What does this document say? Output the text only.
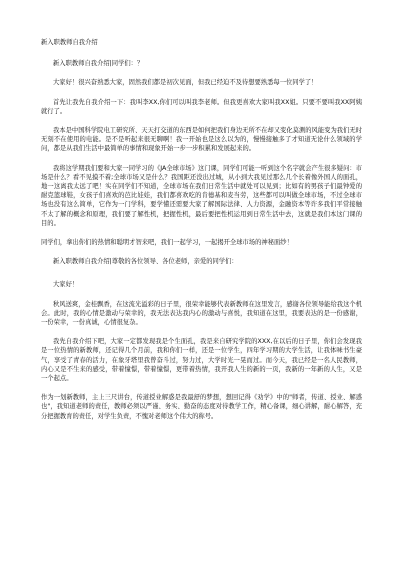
新入职教师自我介绍

新入职教师自我介绍|同学们：？

大家好！很兴奋熟悉大家，固然我们都是初次见面，但我已经迫不及待想要熟悉每一位同学了！

首先让我先自我介绍一下：我叫李XX,你们可以叫我李老师。但我更喜欢大家叫我XX姐。只要不要叫我XX阿姨就行了。

我本是中国科学院电工研究所、天天打交道的东西是如何把我们身边无所不在却又变化莫测的风能变为我们无时无刻不在使用的电能。是不是听起来很无聊啊！我一开始也是这么以为的，慢慢接触多了才知道无论什么领域的学问，都是从我们生活中最简单的事情和现象开始一步一步积累和发展起来的。

我将这学期我们要和大家一同学习的《JA全球市场》这门课，同学们可能一听到这个名字就会产生很多疑问：市场是什么？看不见摸不着;全球市场又是什么？我国距还没出过城，从小到大我见过那么几个长着像外国人的面孔，地一这离我太远了吧！实在同学们不知道，全球市场在我们日常生活中就处可以见到；比如有的男孩子们最钟爱的耐克篮球鞋，女孩子们喜欢的芭比娃娃，我们都喜欢吃的肯德基和麦当劳，这些都可以叫做全球市场，不过全球市场也没有这么简单，它作为一门学科，要学懂还需要大家了解国际法律、人力资源，金融资本等许多我们平常接触不太了解的概念和原理，我们要了解性机，把握性机，最后要把性机运用到日常生活中去，这就是我们本这门课的目的。

同学们，拿出你们的热情和聪明才智来吧，我们一起学习，一起揭开全球市场的神秘面纱！

新入职教师自我介绍|尊敬的各位领导、各位老师，亲爱的同学们：

大家好！

秋风送爽，金桂飘香，在这流光溢彩的日子里，很荣幸能够代表新教师在这里发言，感谢各位领导能给我这个机会。此时，我的心情是激动与荣幸的，我无法表达我内心的激动与喜悦，我知道在这里，我要表达的是一份感谢，一份荣幸，一份真诚，心情很复杂。

我先自我介绍下吧，大家一定都发现我是个生面孔，我是来自研究学院的XXX,在以后的日子里，你们会发现我是一位热情的新教师，还记得几个月前，我和你们一样，还是一位学生，四年学习期的大学生活，让我体味书生豪气，享受了青春的活力，在象牙塔里我曾奋斗过，努力过，大学时光一晃而过。而今天，我已经是一名人民教师，内心又是不生来的感受，带着憧憬，带着憧憬，更带着热情，我开我人生的新的一页，我新的一年新的人生，又是一个起点。

作为一划新教师，主上三尺讲台，传道授业解惑是我最舒的梦想，想回记得《劝学》中的"师者，传道、授业、解惑也"，我知道老师的责任，教师必须以严谨、务实、勤奋的态度对待教学工作，精心备课，细心讲解，耐心解答，充分把握教育的责任，对学生负责，不愧对老师这个伟大的称号。
